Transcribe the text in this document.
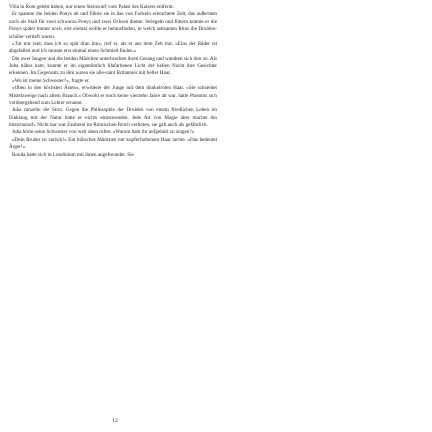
Villa in Rom gelebt hatten, nur einen Steinwurf vom Palast des Kaisers entfernt.

Er spannte die beiden Ponys ab und führte sie in das von Fackeln erleuchtete Zelt, das außerdem noch als Stall für zwei schwarze Ponys und zwei Ochsen diente. Striegeln und füttern konnte er die Ponys später immer noch, erst einmal wollte er herausfinden, in welch seltsamen Ritus die Druiden-schüler vertieft waren.

»Tut mir leid, dass ich so spät dran bin«, rief er, als er aus dem Zelt trat. »Eins der Räder ist abgefallen und ich musste erst einmal einen Schmied finden.«

Die zwei Jungen und die beiden Mädchen unterbrachen ihren Gesang und wandten sich ihm zu. Als Juba näher kam, konnte er im eigentümlich lilafarbenen Licht der hellen Nacht ihre Gesichter erkennen. Im Gegensatz zu ihm waren sie alle-samt Britannier mit heller Haut.

»Wo ist meine Schwester?«, fragte er.

»Oben in den höchsten Ästen«, erwiderte der Junge mit dem dunkelroten Haar. »Sie schneidet Mistelzweige nach altem Brauch.« Obwohl er noch keine vierzehn Jahre alt war, hatte Prasutus sich vorübergehend zum Lehrer ernannt.

Juba runzelte die Stirn. Gegen die Philosophie der Druiden von einem friedlichen Leben im Einklang mit der Natur hatte er nichts einzuwenden. Jede Art von Magie aber machte ihn misstrauisch. Nicht nur war Zauberei im Römischen Reich verboten, sie galt auch als gefährlich.

Juba hörte seine Schwester von weit oben rufen: »Warum habt ihr aufgehört zu singen?«

»Dein Bruder ist zurück!« Ein hübsches Mädchen mit kupferfarbenem Haar lachte. »Das bedeutet Ärger!«

Bouda hatte sich in Londinium mit ihnen angefreundet. Sie

12
